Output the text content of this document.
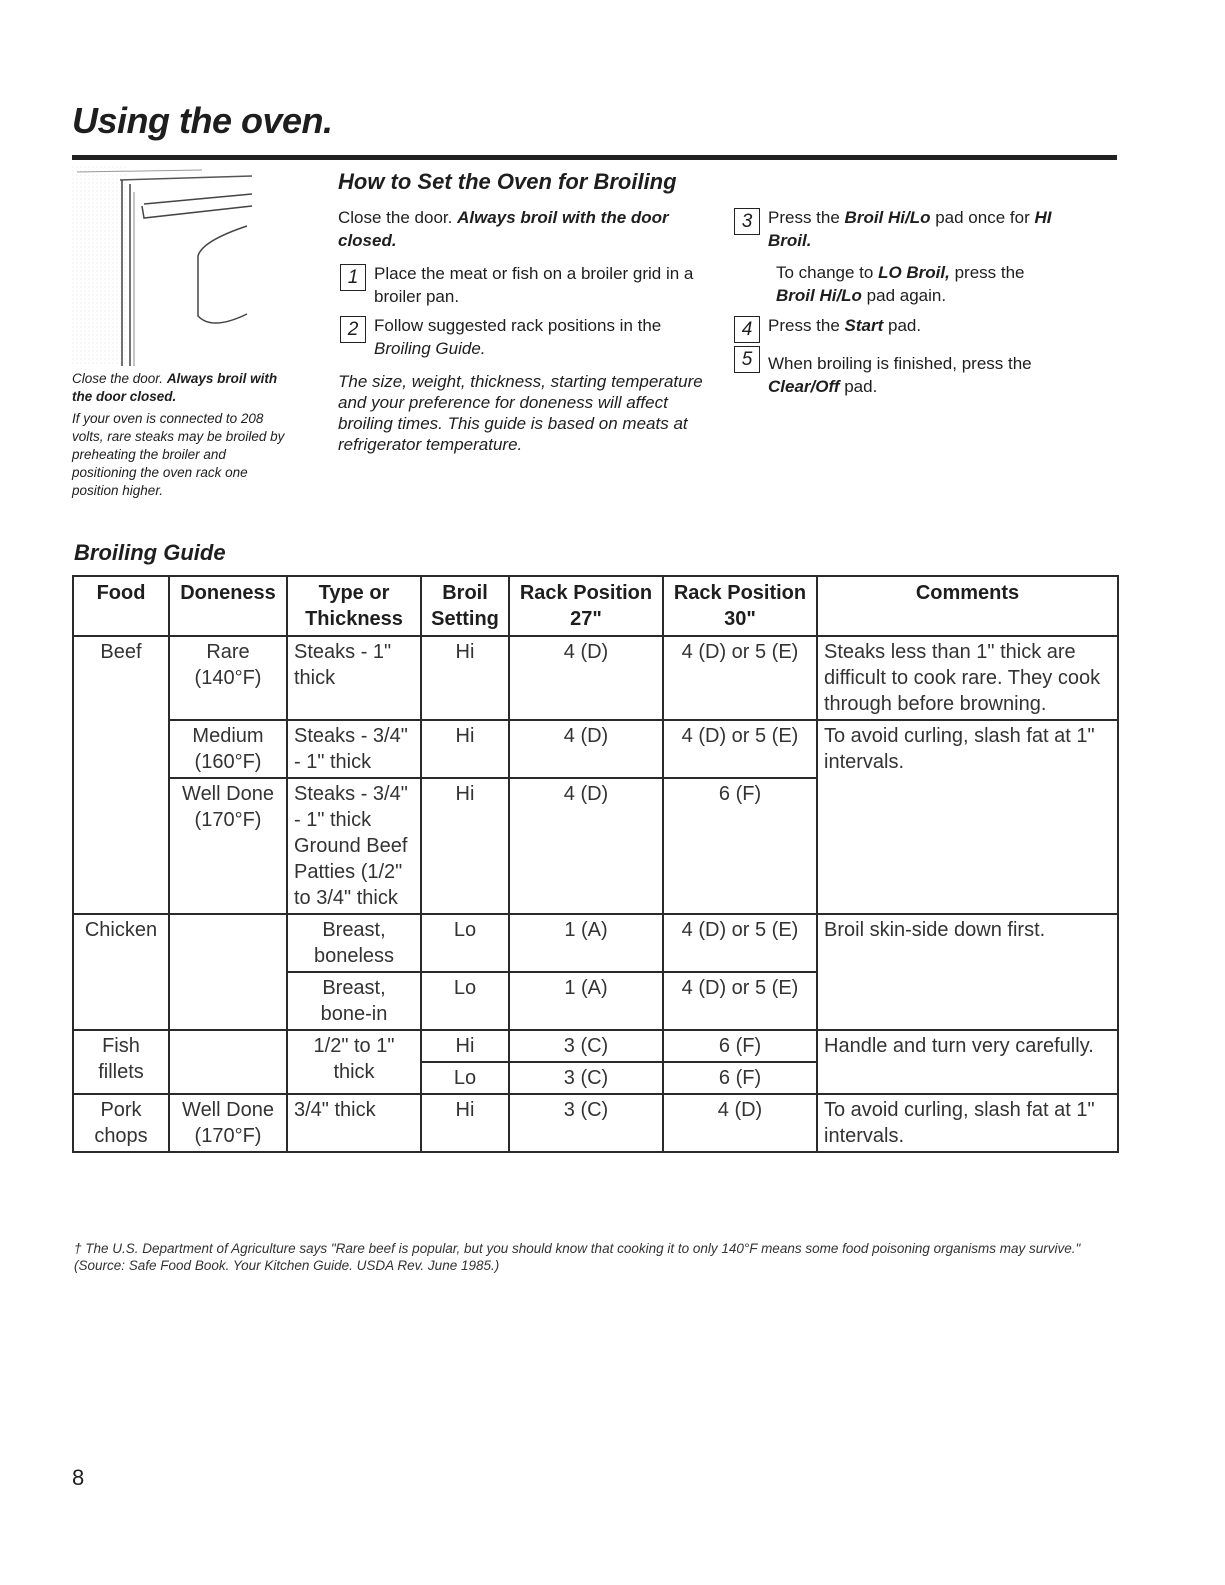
Using the oven.
Close the door. Always broil with the door closed.
If your oven is connected to 208 volts, rare steaks may be broiled by preheating the broiler and positioning the oven rack one position higher.
How to Set the Oven for Broiling
Close the door. Always broil with the door closed.
1 Place the meat or fish on a broiler grid in a broiler pan.
2 Follow suggested rack positions in the Broiling Guide.
The size, weight, thickness, starting temperature and your preference for doneness will affect broiling times. This guide is based on meats at refrigerator temperature.
3 Press the Broil Hi/Lo pad once for HI Broil.
To change to LO Broil, press the Broil Hi/Lo pad again.
4 Press the Start pad.
5 When broiling is finished, press the Clear/Off pad.
Broiling Guide
Food	Doneness	Type or Thickness	Broil Setting	Rack Position 27"	Rack Position 30"	Comments
Beef	Rare (140°F)	Steaks - 1" thick	Hi	4 (D)	4 (D) or 5 (E)	Steaks less than 1" thick are difficult to cook rare. They cook through before browning.
	Medium (160°F)	Steaks - 3/4" - 1" thick	Hi	4 (D)	4 (D) or 5 (E)	To avoid curling, slash fat at 1" intervals.
	Well Done (170°F)	Steaks - 3/4" - 1" thick Ground Beef Patties (1/2" to 3/4" thick	Hi	4 (D)	6 (F)	
Chicken		Breast, boneless	Lo	1 (A)	4 (D) or 5 (E)	Broil skin-side down first.
		Breast, bone-in	Lo	1 (A)	4 (D) or 5 (E)	
Fish fillets		1/2" to 1" thick	Hi	3 (C)	6 (F)	Handle and turn very carefully.
			Lo	3 (C)	6 (F)	
Pork chops	Well Done (170°F)	3/4" thick	Hi	3 (C)	4 (D)	To avoid curling, slash fat at 1" intervals.
† The U.S. Department of Agriculture says "Rare beef is popular, but you should know that cooking it to only 140°F means some food poisoning organisms may survive." (Source: Safe Food Book. Your Kitchen Guide. USDA Rev. June 1985.)
8
